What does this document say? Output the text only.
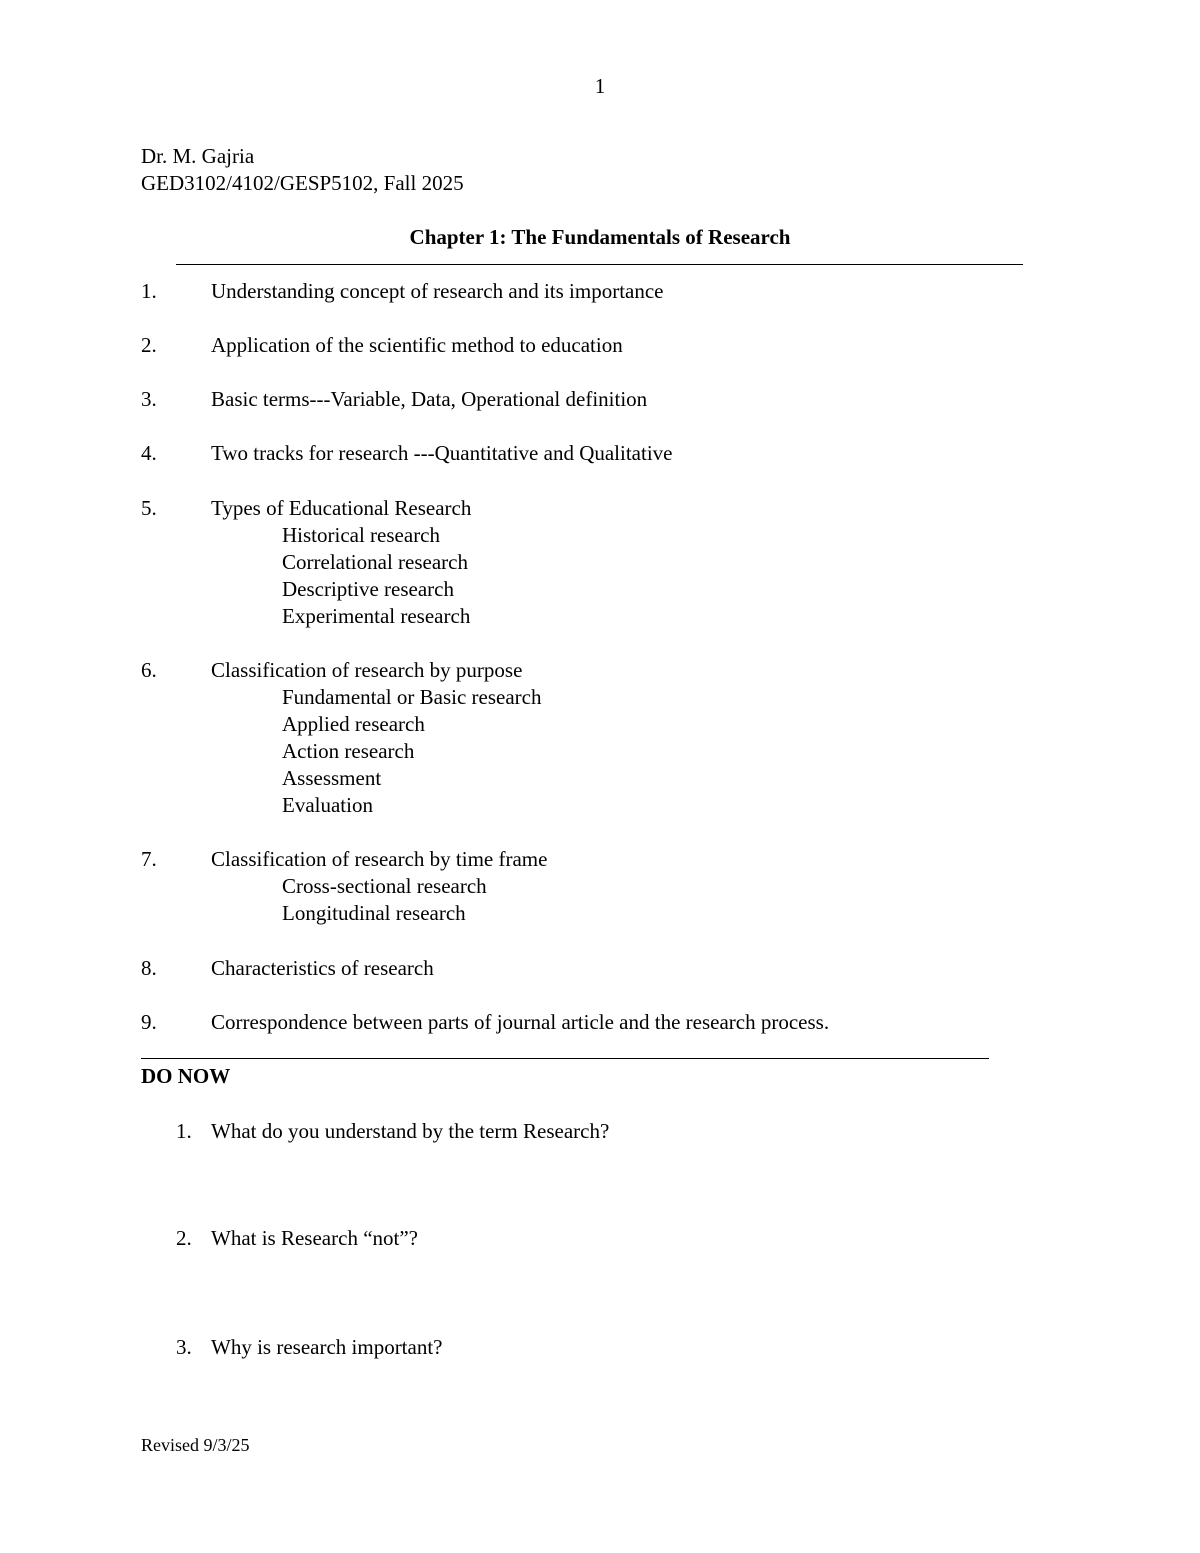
1
Dr. M. Gajria
GED3102/4102/GESP5102, Fall 2025
Chapter 1: The Fundamentals of Research
1.	Understanding concept of research and its importance
2.	Application of the scientific method to education
3.	Basic terms---Variable, Data, Operational definition
4.	Two tracks for research ---Quantitative and Qualitative
5.	Types of Educational Research
Historical research
Correlational research
Descriptive research
Experimental research
6.	Classification of research by purpose
Fundamental or Basic research
Applied research
Action research
Assessment
Evaluation
7.	Classification of research by time frame
Cross-sectional research
Longitudinal research
8.	Characteristics of research
9.	Correspondence between parts of journal article and the research process.
DO NOW
1. What do you understand by the term Research?
2. What is Research “not”?
3. Why is research important?
Revised 9/3/25
